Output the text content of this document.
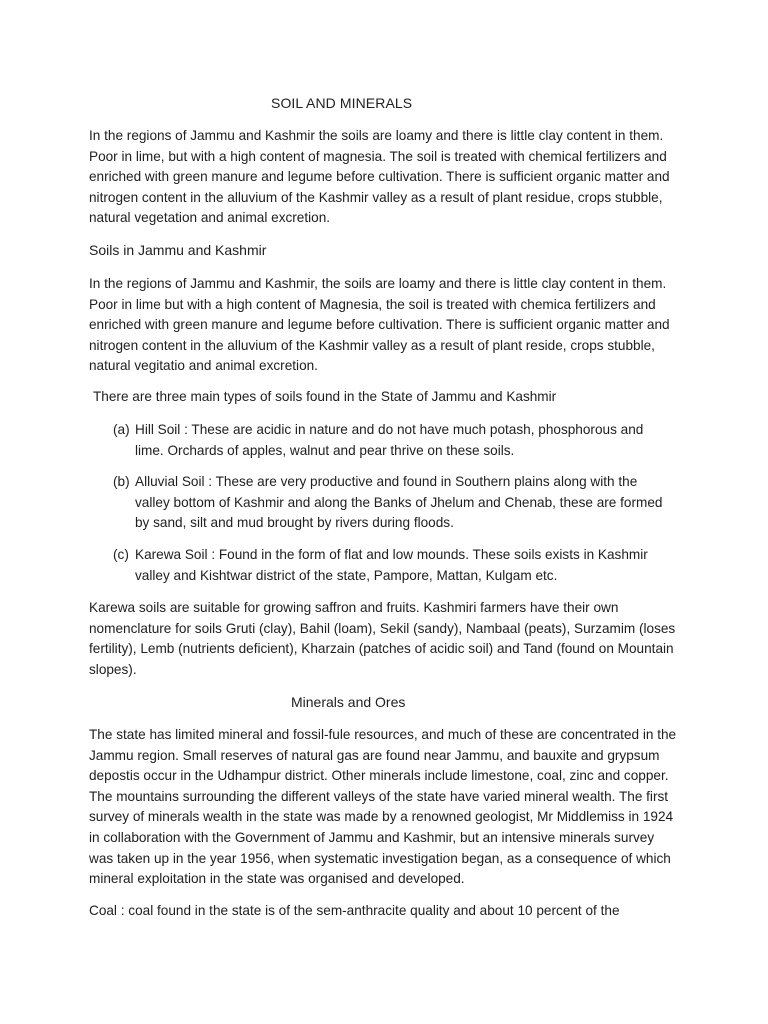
SOIL AND MINERALS

In the regions of Jammu and Kashmir the soils are loamy and there is little clay content in them. Poor in lime, but with a high content of magnesia. The soil is treated with chemical fertilizers and enriched with green manure and legume before cultivation. There is sufficient organic matter and nitrogen content in the alluvium of the Kashmir valley as a result of plant residue, crops stubble, natural vegetation and animal excretion.

Soils in Jammu and Kashmir

In the regions of Jammu and Kashmir, the soils are loamy and there is little clay content in them. Poor in lime but with a high content of Magnesia, the soil is treated with chemica fertilizers and enriched with green manure and legume before cultivation. There is sufficient organic matter and nitrogen content in the alluvium of the Kashmir valley as a result of plant reside, crops stubble, natural vegitatio and animal excretion.

There are three main types of soils found in the State of Jammu and Kashmir

(a) Hill Soil : These are acidic in nature and do not have much potash, phosphorous and lime. Orchards of apples, walnut and pear thrive on these soils.
(b) Alluvial Soil : These are very productive and found in Southern plains along with the valley bottom of Kashmir and along the Banks of Jhelum and Chenab, these are formed by sand, silt and mud brought by rivers during floods.
(c) Karewa Soil : Found in the form of flat and low mounds. These soils exists in Kashmir valley and Kishtwar district of the state, Pampore, Mattan, Kulgam etc.

Karewa soils are suitable for growing saffron and fruits. Kashmiri farmers have their own nomenclature for soils Gruti (clay), Bahil (loam), Sekil (sandy), Nambaal (peats), Surzamim (loses fertility), Lemb (nutrients deficient), Kharzain (patches of acidic soil) and Tand (found on Mountain slopes).

Minerals and Ores

The state has limited mineral and fossil-fule resources, and much of these are concentrated in the Jammu region. Small reserves of natural gas are found near Jammu, and bauxite and grypsum depostis occur in the Udhampur district. Other minerals include limestone, coal, zinc and copper. The mountains surrounding the different valleys of the state have varied mineral wealth. The first survey of minerals wealth in the state was made by a renowned geologist, Mr Middlemiss in 1924 in collaboration with the Government of Jammu and Kashmir, but an intensive minerals survey was taken up in the year 1956, when systematic investigation began, as a consequence of which mineral exploitation in the state was organised and developed.

Coal : coal found in the state is of the sem-anthracite quality and about 10 percent of the
